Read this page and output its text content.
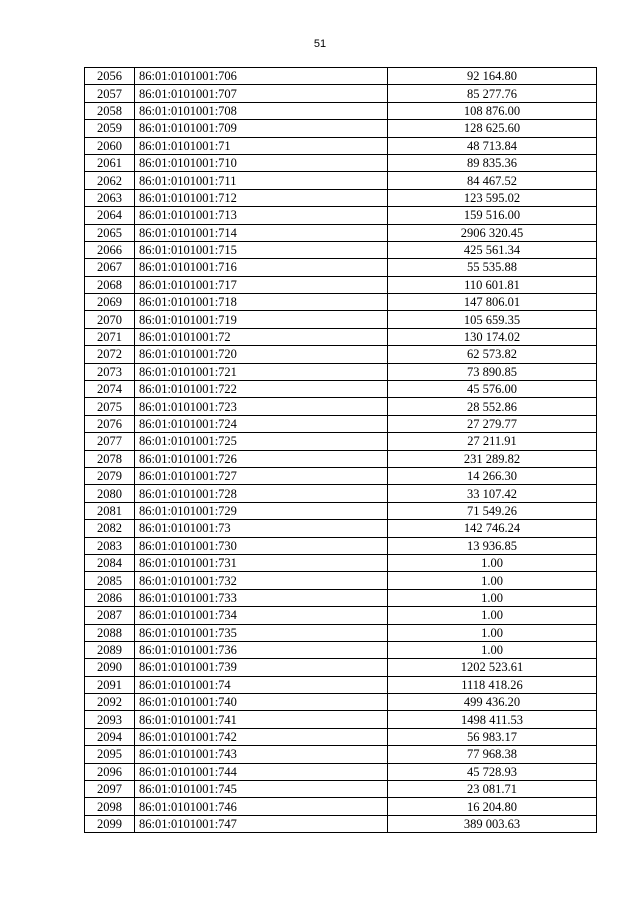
51
2056	86:01:0101001:706	92 164.80
2057	86:01:0101001:707	85 277.76
2058	86:01:0101001:708	108 876.00
2059	86:01:0101001:709	128 625.60
2060	86:01:0101001:71	48 713.84
2061	86:01:0101001:710	89 835.36
2062	86:01:0101001:711	84 467.52
2063	86:01:0101001:712	123 595.02
2064	86:01:0101001:713	159 516.00
2065	86:01:0101001:714	2906 320.45
2066	86:01:0101001:715	425 561.34
2067	86:01:0101001:716	55 535.88
2068	86:01:0101001:717	110 601.81
2069	86:01:0101001:718	147 806.01
2070	86:01:0101001:719	105 659.35
2071	86:01:0101001:72	130 174.02
2072	86:01:0101001:720	62 573.82
2073	86:01:0101001:721	73 890.85
2074	86:01:0101001:722	45 576.00
2075	86:01:0101001:723	28 552.86
2076	86:01:0101001:724	27 279.77
2077	86:01:0101001:725	27 211.91
2078	86:01:0101001:726	231 289.82
2079	86:01:0101001:727	14 266.30
2080	86:01:0101001:728	33 107.42
2081	86:01:0101001:729	71 549.26
2082	86:01:0101001:73	142 746.24
2083	86:01:0101001:730	13 936.85
2084	86:01:0101001:731	1.00
2085	86:01:0101001:732	1.00
2086	86:01:0101001:733	1.00
2087	86:01:0101001:734	1.00
2088	86:01:0101001:735	1.00
2089	86:01:0101001:736	1.00
2090	86:01:0101001:739	1202 523.61
2091	86:01:0101001:74	1118 418.26
2092	86:01:0101001:740	499 436.20
2093	86:01:0101001:741	1498 411.53
2094	86:01:0101001:742	56 983.17
2095	86:01:0101001:743	77 968.38
2096	86:01:0101001:744	45 728.93
2097	86:01:0101001:745	23 081.71
2098	86:01:0101001:746	16 204.80
2099	86:01:0101001:747	389 003.63
